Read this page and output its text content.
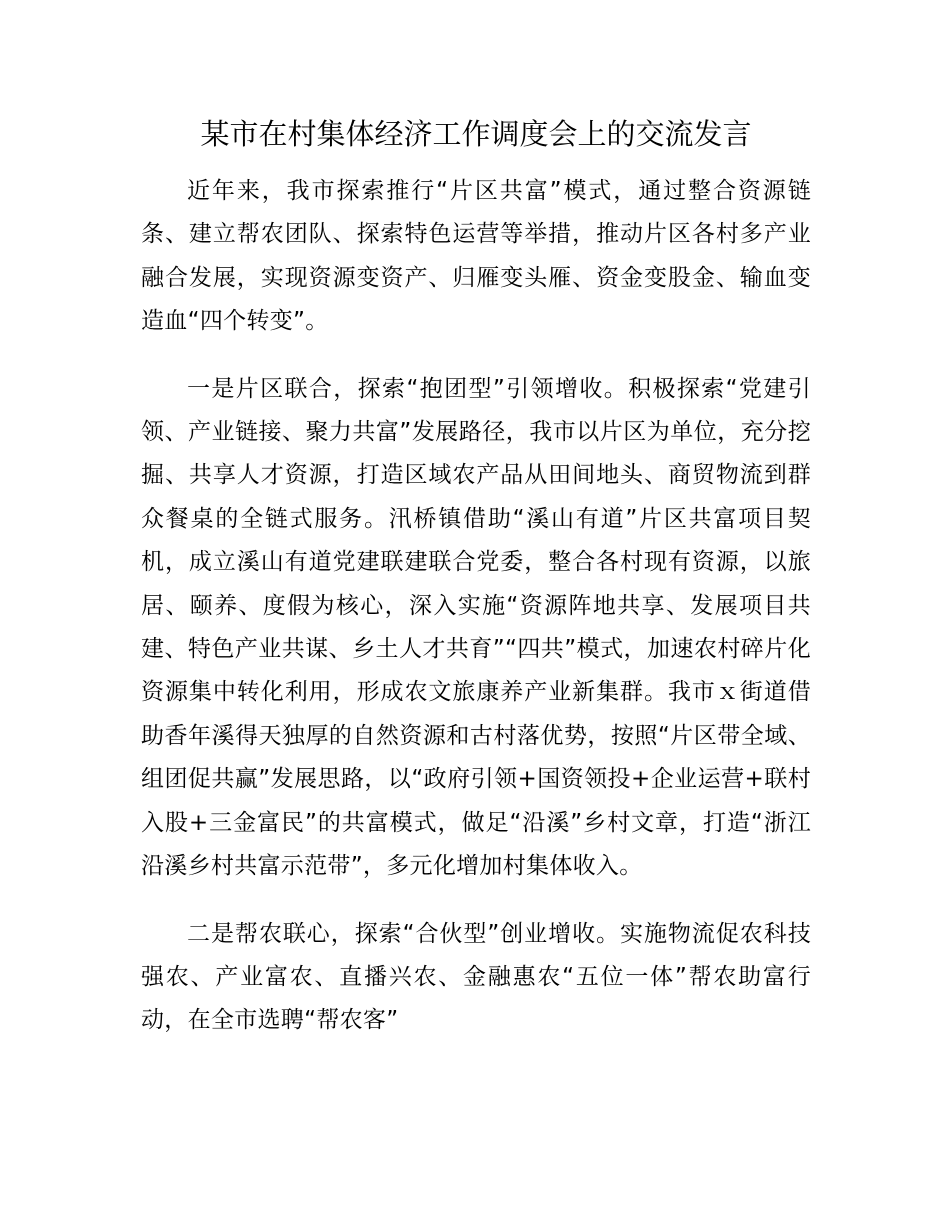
某市在村集体经济工作调度会上的交流发言

近年来，我市探索推行“片区共富”模式，通过整合资源链条、建立帮农团队、探索特色运营等举措，推动片区各村多产业融合发展，实现资源变资产、归雁变头雁、资金变股金、输血变造血“四个转变”。

一是片区联合，探索“抱团型”引领增收。积极探索“党建引领、产业链接、聚力共富”发展路径，我市以片区为单位，充分挖掘、共享人才资源，打造区域农产品从田间地头、商贸物流到群众餐桌的全链式服务。汛桥镇借助“溪山有道”片区共富项目契机，成立溪山有道党建联建联合党委，整合各村现有资源，以旅居、颐养、度假为核心，深入实施“资源阵地共享、发展项目共建、特色产业共谋、乡土人才共育”“四共”模式，加速农村碎片化资源集中转化利用，形成农文旅康养产业新集群。我市ｘ街道借助香年溪得天独厚的自然资源和古村落优势，按照“片区带全域、组团促共赢”发展思路，以“政府引领+国资领投+企业运营+联村入股+三金富民”的共富模式，做足“沿溪”乡村文章，打造“浙江沿溪乡村共富示范带”，多元化增加村集体收入。

二是帮农联心，探索“合伙型”创业增收。实施物流促农科技强农、产业富农、直播兴农、金融惠农“五位一体”帮农助富行动，在全市选聘“帮农客”
